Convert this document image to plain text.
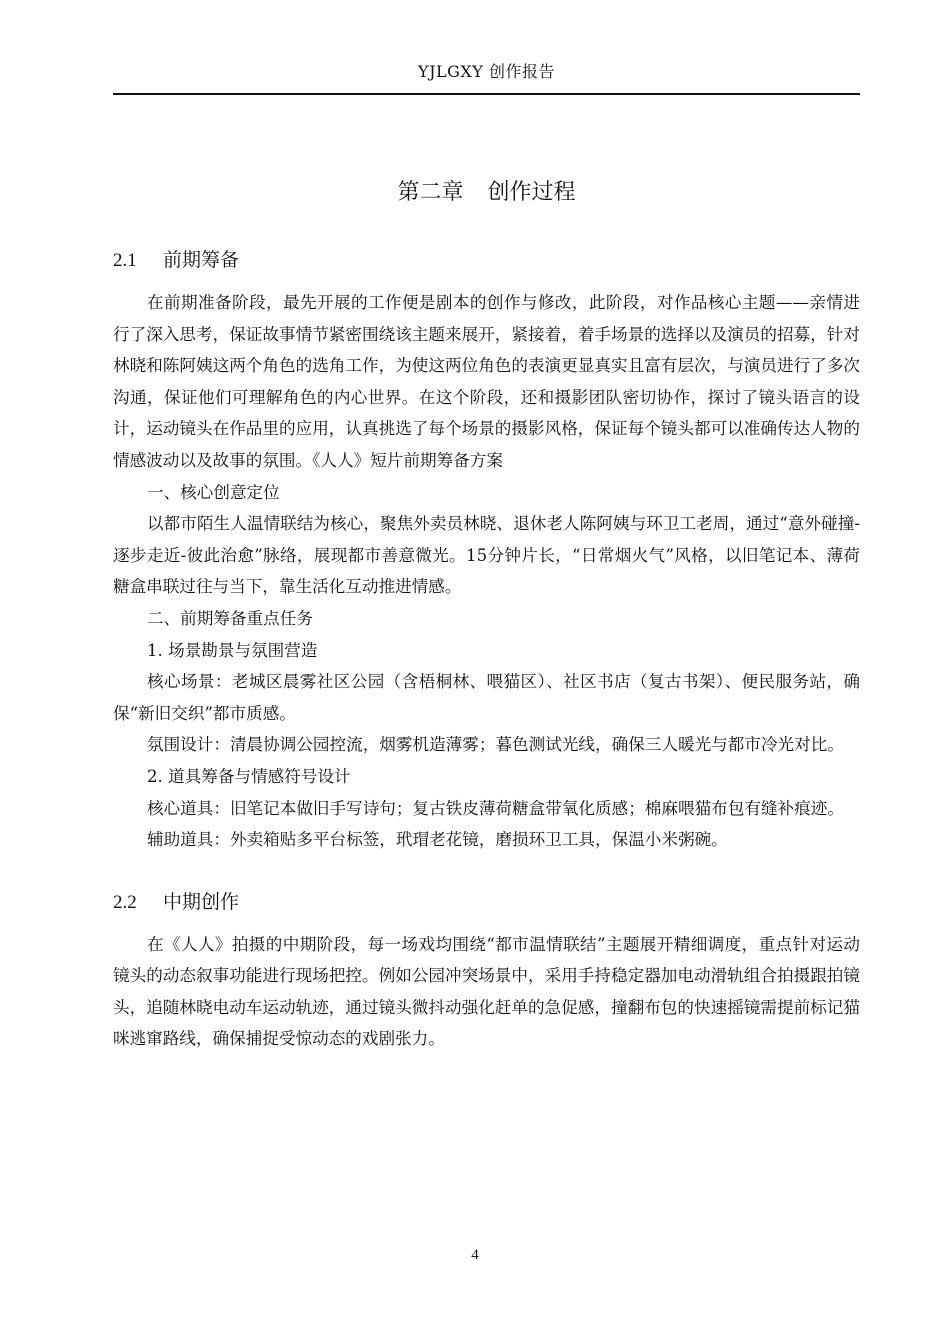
YJLGXY 创作报告
第二章 创作过程
2.1 前期筹备

在前期准备阶段，最先开展的工作便是剧本的创作与修改，此阶段，对作品核心主题——亲情进行了深入思考，保证故事情节紧密围绕该主题来展开，紧接着，着手场景的选择以及演员的招募，针对林晓和陈阿姨这两个角色的选角工作，为使这两位角色的表演更显真实且富有层次，与演员进行了多次沟通，保证他们可理解角色的内心世界。在这个阶段，还和摄影团队密切协作，探讨了镜头语言的设计，运动镜头在作品里的应用，认真挑选了每个场景的摄影风格，保证每个镜头都可以准确传达人物的情感波动以及故事的氛围。《人人》短片前期筹备方案

一、核心创意定位

以都市陌生人温情联结为核心，聚焦外卖员林晓、退休老人陈阿姨与环卫工老周，通过“意外碰撞-逐步走近-彼此治愈”脉络，展现都市善意微光。15分钟片长，“日常烟火气”风格，以旧笔记本、薄荷糖盒串联过往与当下，靠生活化互动推进情感。

二、前期筹备重点任务

1. 场景勘景与氛围营造

核心场景：老城区晨雾社区公园（含梧桐林、喂猫区）、社区书店（复古书架）、便民服务站，确保“新旧交织”都市质感。

氛围设计：清晨协调公园控流，烟雾机造薄雾；暮色测试光线，确保三人暖光与都市冷光对比。

2. 道具筹备与情感符号设计

核心道具：旧笔记本做旧手写诗句；复古铁皮薄荷糖盒带氧化质感；棉麻喂猫布包有缝补痕迹。

辅助道具：外卖箱贴多平台标签，玳瑁老花镜，磨损环卫工具，保温小米粥碗。

2.2 中期创作

在《人人》拍摄的中期阶段，每一场戏均围绕“都市温情联结”主题展开精细调度，重点针对运动镜头的动态叙事功能进行现场把控。例如公园冲突场景中，采用手持稳定器加电动滑轨组合拍摄跟拍镜头，追随林晓电动车运动轨迹，通过镜头微抖动强化赶单的急促感，撞翻布包的快速摇镜需提前标记猫咪逃窜路线，确保捕捉受惊动态的戏剧张力。

4
